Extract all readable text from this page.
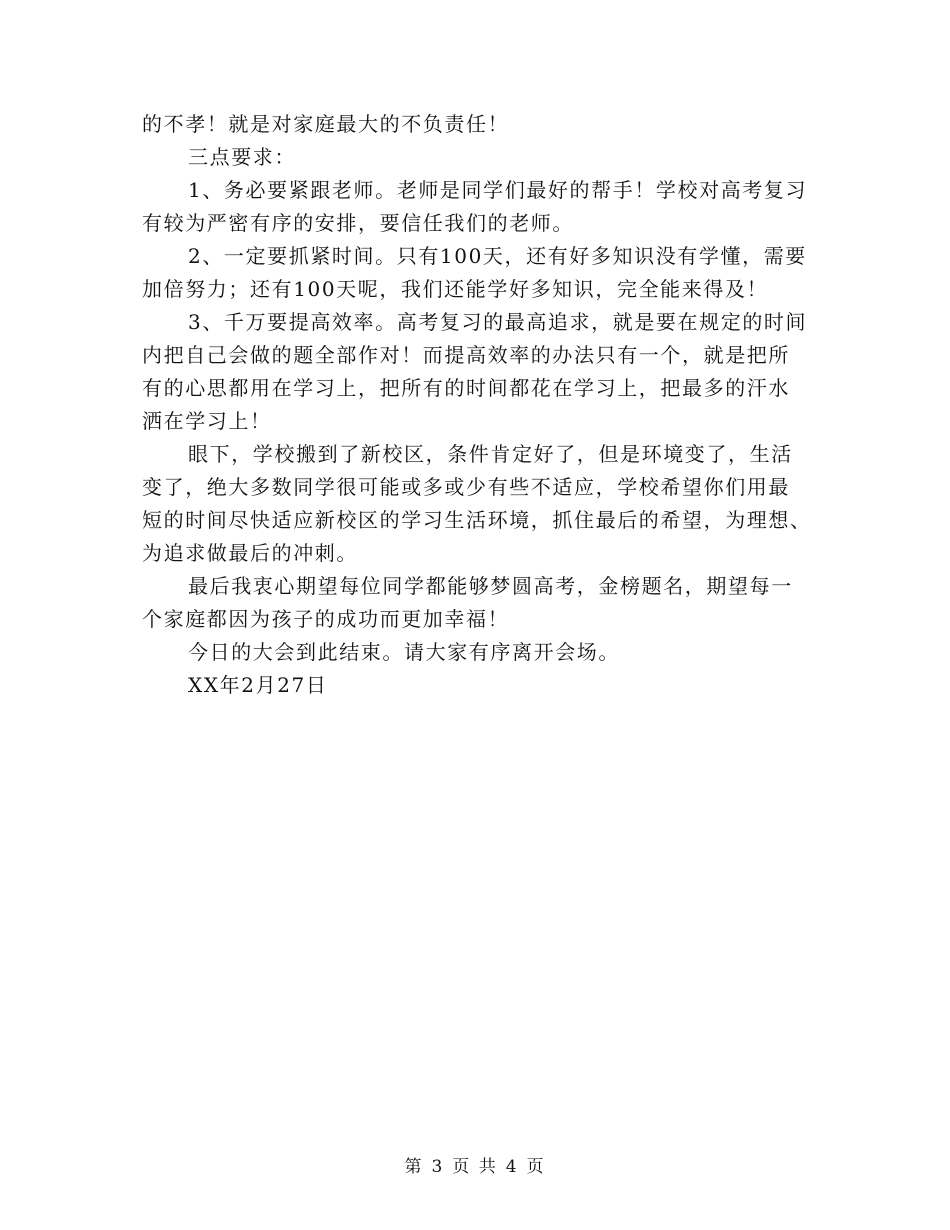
的不孝！就是对家庭最大的不负责任！
三点要求：
1、务必要紧跟老师。老师是同学们最好的帮手！学校对高考复习
有较为严密有序的安排，要信任我们的老师。
2、一定要抓紧时间。只有100天，还有好多知识没有学懂，需要
加倍努力；还有100天呢，我们还能学好多知识，完全能来得及！
3、千万要提高效率。高考复习的最高追求，就是要在规定的时间
内把自己会做的题全部作对！而提高效率的办法只有一个，就是把所
有的心思都用在学习上，把所有的时间都花在学习上，把最多的汗水
洒在学习上！
眼下，学校搬到了新校区，条件肯定好了，但是环境变了，生活
变了，绝大多数同学很可能或多或少有些不适应，学校希望你们用最
短的时间尽快适应新校区的学习生活环境，抓住最后的希望，为理想、
为追求做最后的冲刺。
最后我衷心期望每位同学都能够梦圆高考，金榜题名，期望每一
个家庭都因为孩子的成功而更加幸福！
今日的大会到此结束。请大家有序离开会场。
XX年2月27日
第 3 页 共 4 页
